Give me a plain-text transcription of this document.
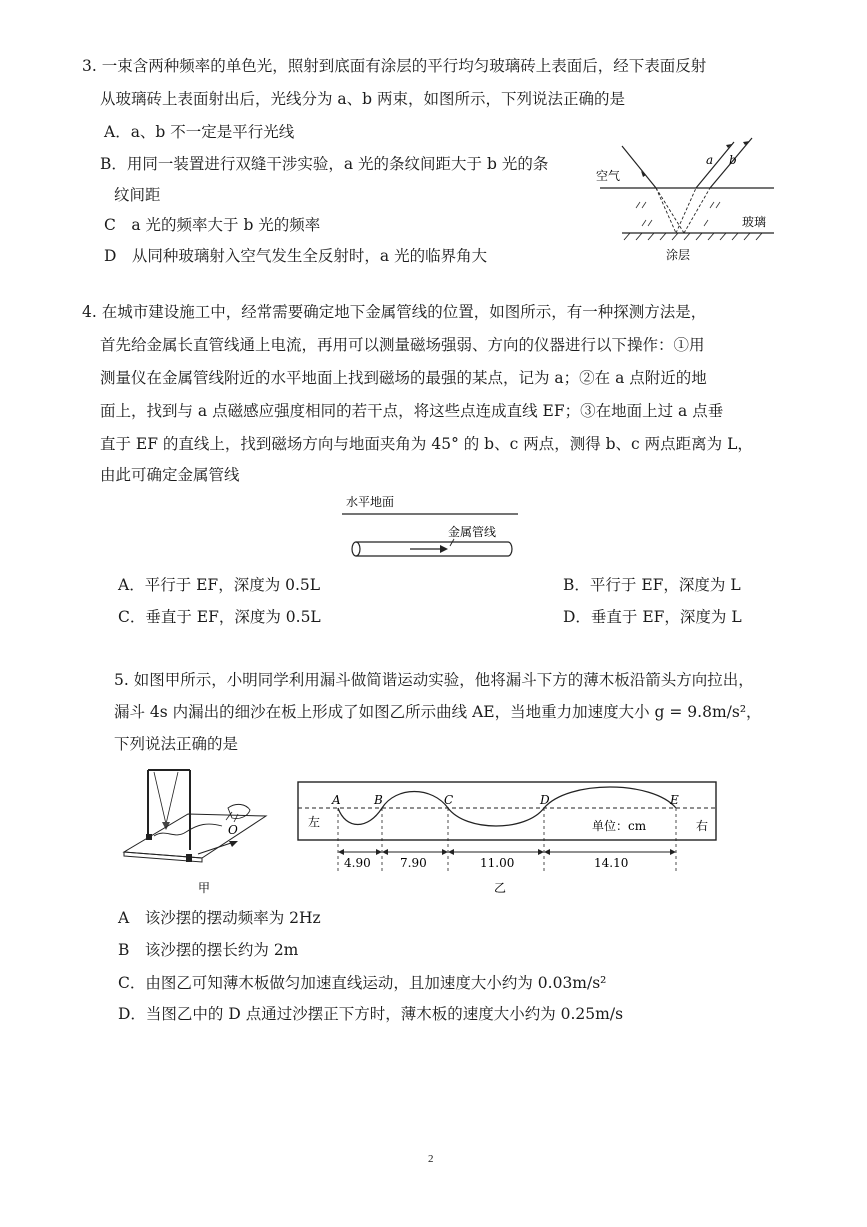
3. 一束含两种频率的单色光，照射到底面有涂层的平行均匀玻璃砖上表面后，经下表面反射
从玻璃砖上表面射出后，光线分为 a、b 两束，如图所示，下列说法正确的是
A．a、b 不一定是平行光线
B．用同一装置进行双缝干涉实验，a 光的条纹间距大于 b 光的条
纹间距
C　a 光的频率大于 b 光的频率
D　从同种玻璃射入空气发生全反射时，a 光的临界角大
a b
空气
玻璃
涂层
4. 在城市建设施工中，经常需要确定地下金属管线的位置，如图所示，有一种探测方法是，
首先给金属长直管线通上电流，再用可以测量磁场强弱、方向的仪器进行以下操作：①用
测量仪在金属管线附近的水平地面上找到磁场的最强的某点，记为 a；②在 a 点附近的地
面上，找到与 a 点磁感应强度相同的若干点，将这些点连成直线 EF；③在地面上过 a 点垂
直于 EF 的直线上，找到磁场方向与地面夹角为 45° 的 b、c 两点，测得 b、c 两点距离为 L，
由此可确定金属管线
水平地面
金属管线
A．平行于 EF，深度为 0.5L	B．平行于 EF，深度为 L
C．垂直于 EF，深度为 0.5L	D．垂直于 EF，深度为 L
5. 如图甲所示，小明同学利用漏斗做简谐运动实验，他将漏斗下方的薄木板沿箭头方向拉出，
漏斗 4s 内漏出的细沙在板上形成了如图乙所示曲线 AE，当地重力加速度大小 g = 9.8m/s²，
下列说法正确的是
O
甲
A	B	C	D	E
左	右
单位：cm
4.90 7.90	11.00	14.10
乙
A　该沙摆的摆动频率为 2Hz
B　该沙摆的摆长约为 2m
C．由图乙可知薄木板做匀加速直线运动，且加速度大小约为 0.03m/s²
D．当图乙中的 D 点通过沙摆正下方时，薄木板的速度大小约为 0.25m/s
2
